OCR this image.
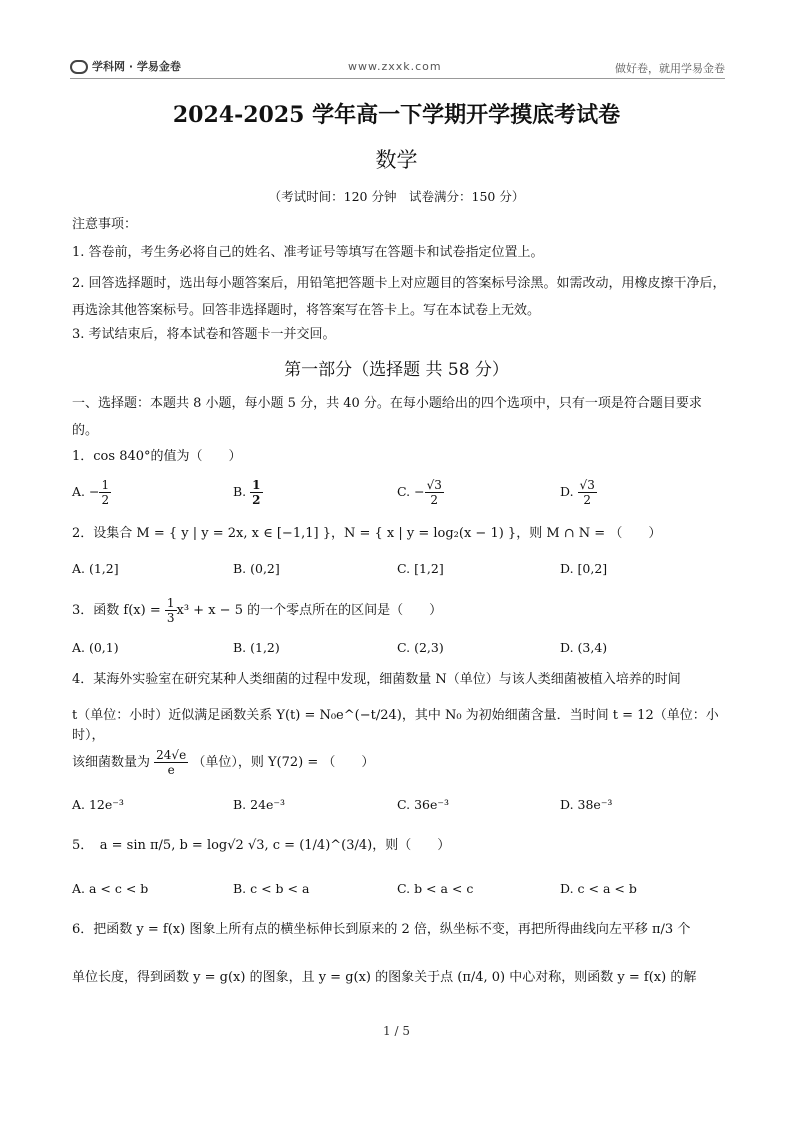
学科网 · 学易金卷	www.zxxk.com	做好卷，就用学易金卷
2024-2025 学年高一下学期开学摸底考试卷
数学
（考试时间：120 分钟　试卷满分：150 分）
注意事项：
1. 答卷前，考生务必将自己的姓名、准考证号等填写在答题卡和试卷指定位置上。
2. 回答选择题时，选出每小题答案后，用铅笔把答题卡上对应题目的答案标号涂黑。如需改动，用橡皮擦干净后，再选涂其他答案标号。回答非选择题时，将答案写在答卡上。写在本试卷上无效。
3. 考试结束后，将本试卷和答题卡一并交回。
第一部分（选择题 共 58 分）
一、选择题：本题共 8 小题，每小题 5 分，共 40 分。在每小题给出的四个选项中，只有一项是符合题目要求的。
1．cos 840°的值为（　　）
A. − $\frac{1}{2}$	B. $\frac{1}{2}$	C. − $\frac{√3}{2}$	D. $\frac{√3}{2}$
2．设集合 M = { y | y = 2x, x ∈ [−1,1] }，N = { x | y = log₂(x − 1) }，则 M ∩ N = （　　）
A. (1,2]	B. (0,2]	C. [1,2]	D. [0,2]
3．函数 $f(x) = \frac{1}{3} x^3 + x - 5$ 的一个零点所在的区间是（　　）
A. (0,1)	B. (1,2)	C. (2,3)	D. (3,4)
4．某海外实验室在研究某种人类细菌的过程中发现，细菌数量 N（单位）与该人类细菌被植入培养的时间
t（单位：小时）近似满足函数关系 Y(t) = N₀e^(−t/24)，其中 N₀ 为初始细菌含量．当时间 t = 12（单位：小时），
该细菌数量为 $\frac{24√e}{e}$ （单位），则 Y(72) = （　　）
A. 12e⁻³	B. 24e⁻³	C. 36e⁻³	D. 38e⁻³
5．　a = sin π/5, b = log√2 √3, c = (1/4)^(3/4)，则（　　）
A. a < c < b	B. c < b < a	C. b < a < c	D. c < a < b
6．把函数 y = f(x) 图象上所有点的横坐标伸长到原来的 2 倍，纵坐标不变，再把所得曲线向左平移 π/3 个
单位长度，得到函数 y = g(x) 的图象，且 y = g(x) 的图象关于点 (π/4, 0) 中心对称，则函数 y = f(x) 的解
1 / 5
